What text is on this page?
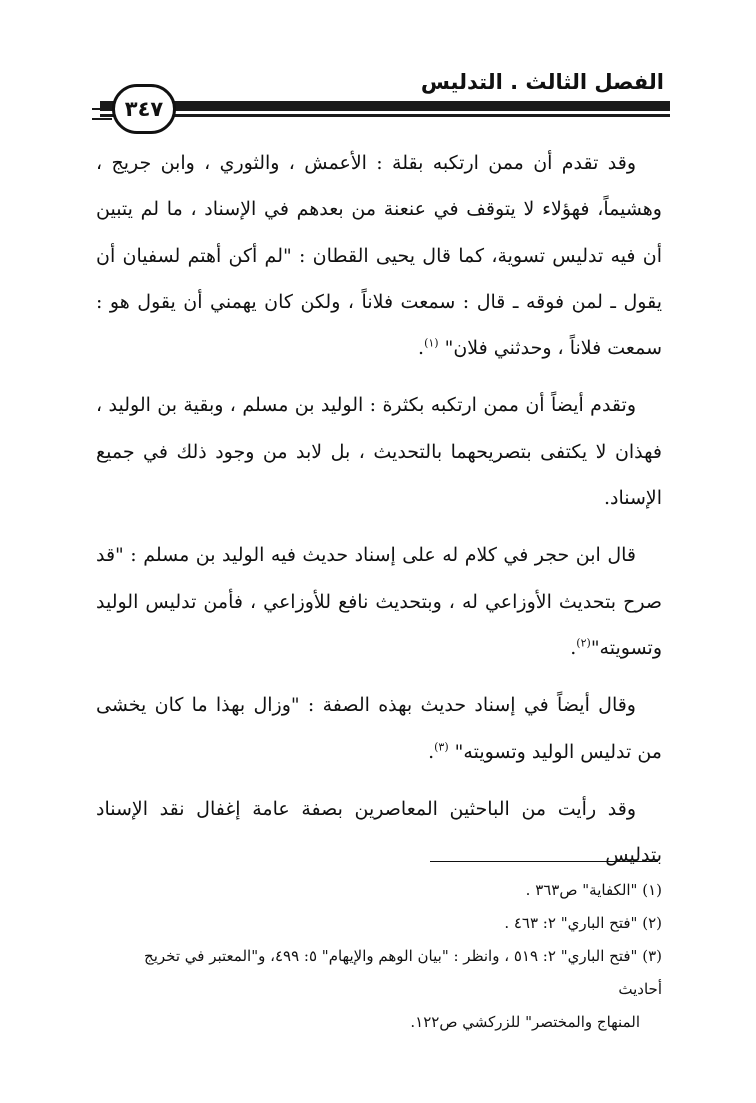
الفصل الثالث . التدليس
٣٤٧

وقد تقدم أن ممن ارتكبه بقلة : الأعمش ، والثوري ، وابن جريج ، وهشيماً، فهؤلاء لا يتوقف في عنعنة من بعدهم في الإسناد ، ما لم يتبين أن فيه تدليس تسوية، كما قال يحيى القطان : "لم أكن أهتم لسفيان أن يقول ـ لمن فوقه ـ قال : سمعت فلاناً ، ولكن كان يهمني أن يقول هو : سمعت فلاناً ، وحدثني فلان" $^{(١)}$.

وتقدم أيضاً أن ممن ارتكبه بكثرة : الوليد بن مسلم ، وبقية بن الوليد ، فهذان لا يكتفى بتصريحهما بالتحديث ، بل لابد من وجود ذلك في جميع الإسناد.

قال ابن حجر في كلام له على إسناد حديث فيه الوليد بن مسلم : "قد صرح بتحديث الأوزاعي له ، وبتحديث نافع للأوزاعي ، فأمن تدليس الوليد وتسويته"$^{(٢)}$.

وقال أيضاً في إسناد حديث بهذه الصفة : "وزال بهذا ما كان يخشى من تدليس الوليد وتسويته" $^{(٣)}$.

وقد رأيت من الباحثين المعاصرين بصفة عامة إغفال نقد الإسناد بتدليس

(١) "الكفاية" ص٣٦٣ .

(٢) "فتح الباري" ٢: ٤٦٣ .

(٣) "فتح الباري" ٢: ٥١٩ ، وانظر : "بيان الوهم والإيهام" ٥: ٤٩٩، و"المعتبر في تخريج أحاديث

المنهاج والمختصر" للزركشي ص١٢٢.
